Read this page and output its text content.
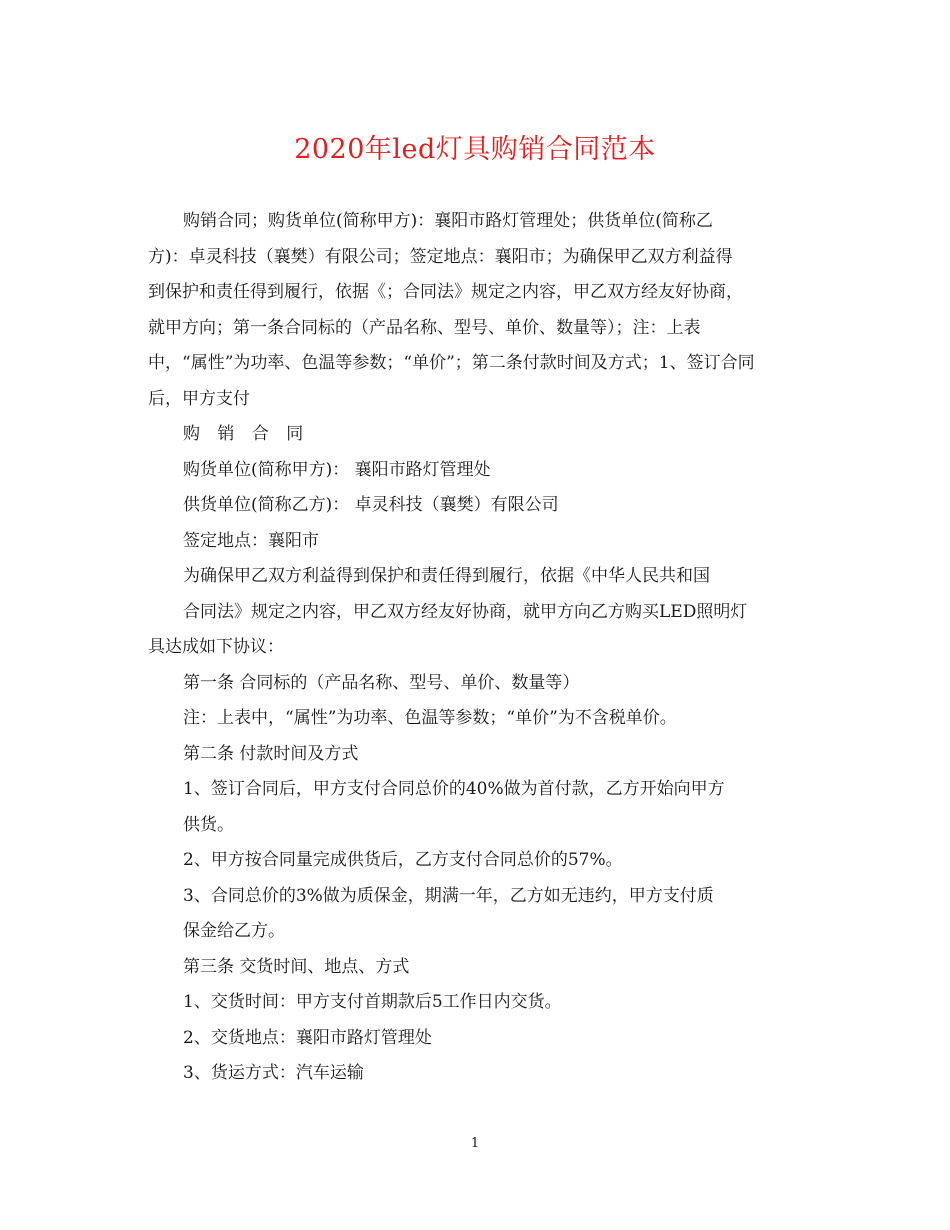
2020年led灯具购销合同范本

购销合同；购货单位(简称甲方)：襄阳市路灯管理处；供货单位(简称乙

方)：卓灵科技（襄樊）有限公司；签定地点：襄阳市；为确保甲乙双方利益得

到保护和责任得到履行，依据《；合同法》规定之内容，甲乙双方经友好协商，

就甲方向；第一条合同标的（产品名称、型号、单价、数量等）；注：上表

中，“属性”为功率、色温等参数；“单价”；第二条付款时间及方式；1、签订合同

后，甲方支付

购 销 合 同

购货单位(简称甲方)： 襄阳市路灯管理处

供货单位(简称乙方)： 卓灵科技（襄樊）有限公司

签定地点：襄阳市

为确保甲乙双方利益得到保护和责任得到履行，依据《中华人民共和国

合同法》规定之内容，甲乙双方经友好协商，就甲方向乙方购买LED照明灯

具达成如下协议：

第一条 合同标的（产品名称、型号、单价、数量等）

注：上表中，“属性”为功率、色温等参数；“单价”为不含税单价。

第二条 付款时间及方式

1、签订合同后，甲方支付合同总价的40%做为首付款，乙方开始向甲方

供货。

2、甲方按合同量完成供货后，乙方支付合同总价的57%。

3、合同总价的3%做为质保金，期满一年，乙方如无违约，甲方支付质

保金给乙方。

第三条 交货时间、地点、方式

1、交货时间：甲方支付首期款后5工作日内交货。

2、交货地点：襄阳市路灯管理处

3、货运方式：汽车运输

1
